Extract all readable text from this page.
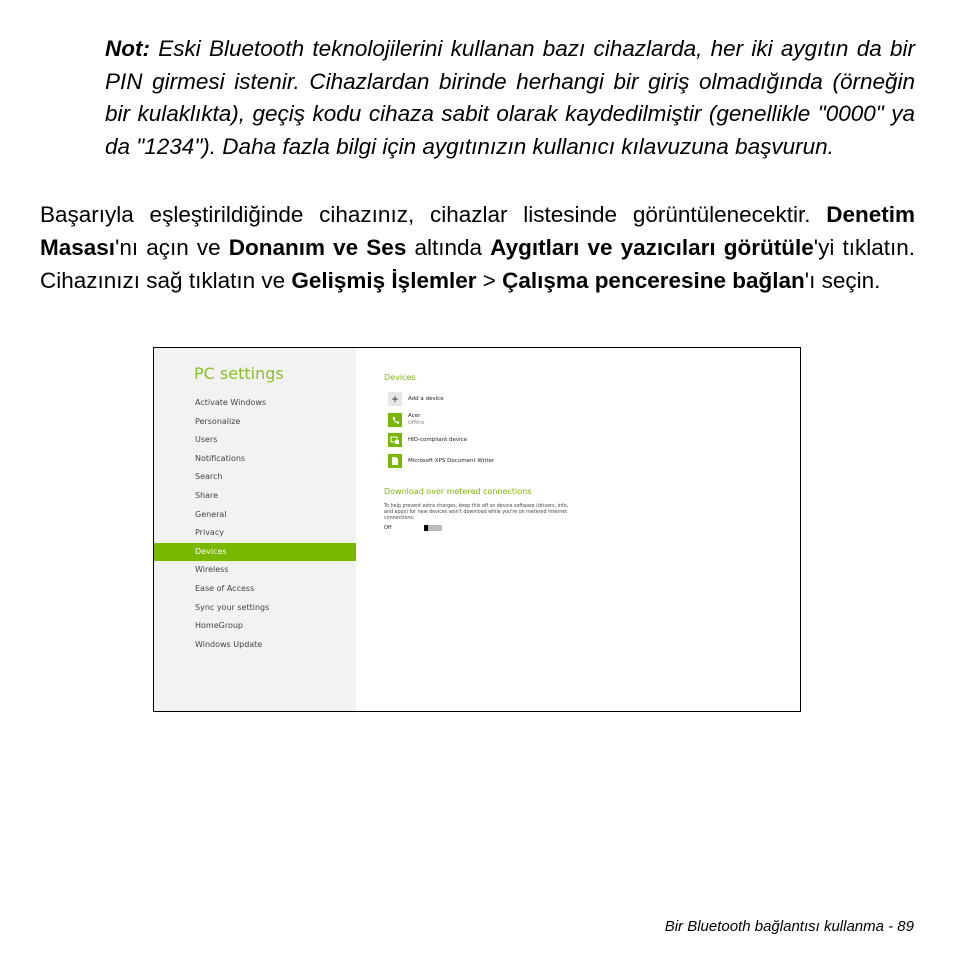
Not: Eski Bluetooth teknolojilerini kullanan bazı cihazlarda, her iki aygıtın da bir PIN girmesi istenir. Cihazlardan birinde herhangi bir giriş olmadığında (örneğin bir kulaklıkta), geçiş kodu cihaza sabit olarak kaydedilmiştir (genellikle "0000" ya da "1234"). Daha fazla bilgi için aygıtınızın kullanıcı kılavuzuna başvurun.
Başarıyla eşleştirildiğinde cihazınız, cihazlar listesinde görüntülenecektir. Denetim Masası'nı açın ve Donanım ve Ses altında Aygıtları ve yazıcıları görütüle'yi tıklatın. Cihazınızı sağ tıklatın ve Gelişmiş İşlemler > Çalışma penceresine bağlan'ı seçin.
PC settings
Activate Windows
Personalize
Users
Notifications
Search
Share
General
Privacy
Devices
Wireless
Ease of Access
Sync your settings
HomeGroup
Windows Update
Devices
+	Add a device
Acer
Offline
HID-compliant device
Microsoft XPS Document Writer
Download over metered connections
To help prevent extra charges, keep this off so device software (drivers, info, and apps) for new devices won't download while you're on metered Internet connections.
Off
Bir Bluetooth bağlantısı kullanma - 89
